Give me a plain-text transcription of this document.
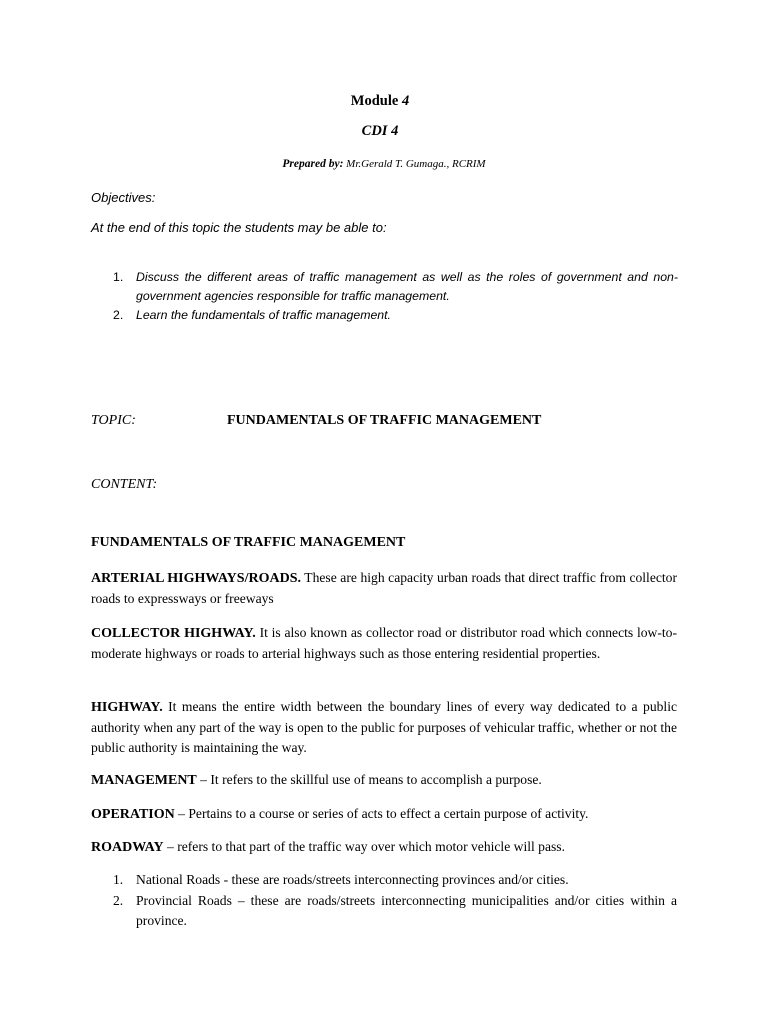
Module 4
CDI 4
Prepared by: Mr.Gerald T. Gumaga., RCRIM
Objectives:
At the end of this topic the students may be able to:
1. Discuss the different areas of traffic management as well as the roles of government and non-government agencies responsible for traffic management.
2. Learn the fundamentals of traffic management.
TOPIC:	FUNDAMENTALS OF TRAFFIC MANAGEMENT
CONTENT:
FUNDAMENTALS OF TRAFFIC MANAGEMENT
ARTERIAL HIGHWAYS/ROADS. These are high capacity urban roads that direct traffic from collector roads to expressways or freeways
COLLECTOR HIGHWAY. It is also known as collector road or distributor road which connects low-to-moderate highways or roads to arterial highways such as those entering residential properties.
HIGHWAY. It means the entire width between the boundary lines of every way dedicated to a public authority when any part of the way is open to the public for purposes of vehicular traffic, whether or not the public authority is maintaining the way.
MANAGEMENT – It refers to the skillful use of means to accomplish a purpose.
OPERATION – Pertains to a course or series of acts to effect a certain purpose of activity.
ROADWAY – refers to that part of the traffic way over which motor vehicle will pass.
1. National Roads - these are roads/streets interconnecting provinces and/or cities.
2. Provincial Roads – these are roads/streets interconnecting municipalities and/or cities within a province.
